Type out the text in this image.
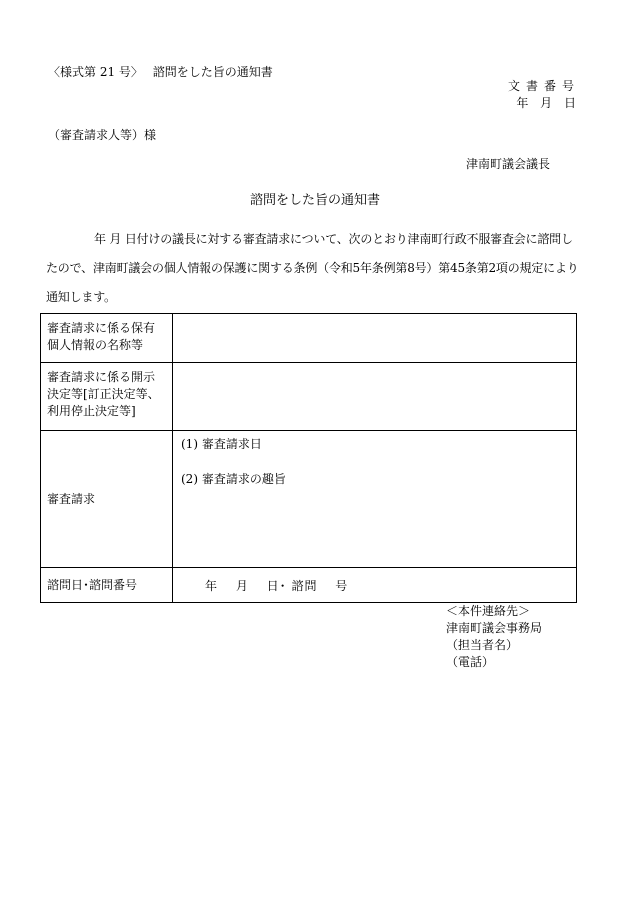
〈様式第 21 号〉　 諮問をした旨の通知書
文書番号
年 月 日
（審査請求人等）様
津南町議会議長
諮問をした旨の通知書
年 月 日付けの議長に対する審査請求について、次のとおり津南町行政不服審査会に諮問し
たので、津南町議会の個人情報の保護に関する条例（令和5年条例第8号）第45条第2項の規定により
通知します。
審査請求に係る保有
個人情報の名称等	

審査請求に係る開示
決定等[訂正決定等、
利用停止決定等]	

審査請求	(1) 審査請求日
(2) 審査請求の趣旨

諮問日･諮問番号	年　 月　 日･ 諮問　 号
＜本件連絡先＞
津南町議会事務局
（担当者名）
（電話）
